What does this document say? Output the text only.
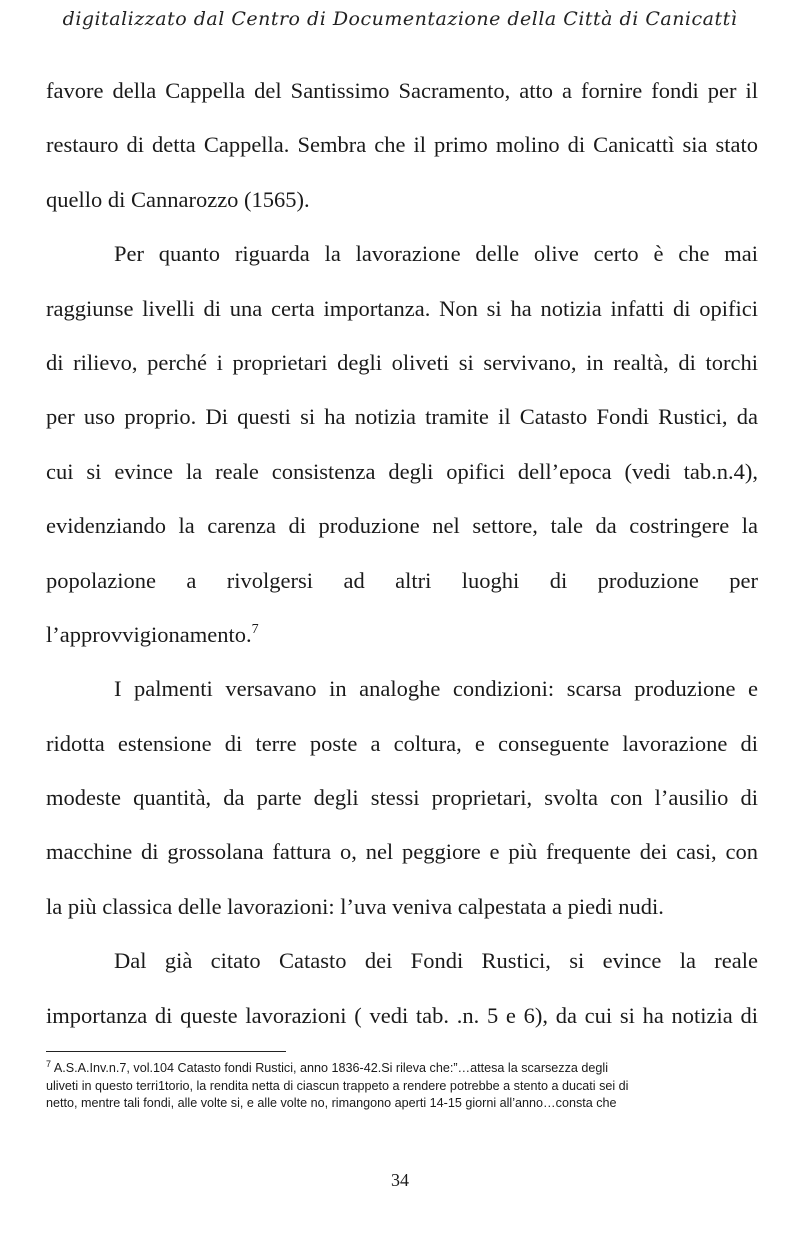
digitalizzato dal Centro di Documentazione della Città di Canicattì
favore della Cappella del Santissimo Sacramento, atto a fornire fondi per il
restauro di detta Cappella. Sembra che il primo molino di Canicattì sia stato
quello di Cannarozzo (1565).
Per quanto riguarda la lavorazione delle olive certo è che mai
raggiunse livelli di una certa importanza. Non si ha notizia infatti di opifici
di rilievo, perché i proprietari degli oliveti si servivano, in realtà, di torchi
per uso proprio. Di questi si ha notizia tramite il Catasto Fondi Rustici, da
cui si evince la reale consistenza degli opifici dell’epoca (vedi tab.n.4),
evidenziando la carenza di produzione nel settore, tale da costringere la
popolazione a rivolgersi ad altri luoghi di produzione per
l’approvvigionamento.$^7$
I palmenti versavano in analoghe condizioni: scarsa produzione e
ridotta estensione di terre poste a coltura, e conseguente lavorazione di
modeste quantità, da parte degli stessi proprietari, svolta con l’ausilio di
macchine di grossolana fattura o, nel peggiore e più frequente dei casi, con
la più classica delle lavorazioni: l’uva veniva calpestata a piedi nudi.
Dal già citato Catasto dei Fondi Rustici, si evince la reale
importanza di queste lavorazioni ( vedi tab. .n. 5 e 6), da cui si ha notizia di
$^7$ A.S.A.Inv.n.7, vol.104 Catasto fondi Rustici, anno 1836-42.Si rileva che:”…attesa la scarsezza degli
uliveti in questo terri1torio, la rendita netta di ciascun trappeto a rendere potrebbe a stento a ducati sei di
netto, mentre tali fondi, alle volte si, e alle volte no, rimangono aperti 14-15 giorni all’anno…consta che
34
